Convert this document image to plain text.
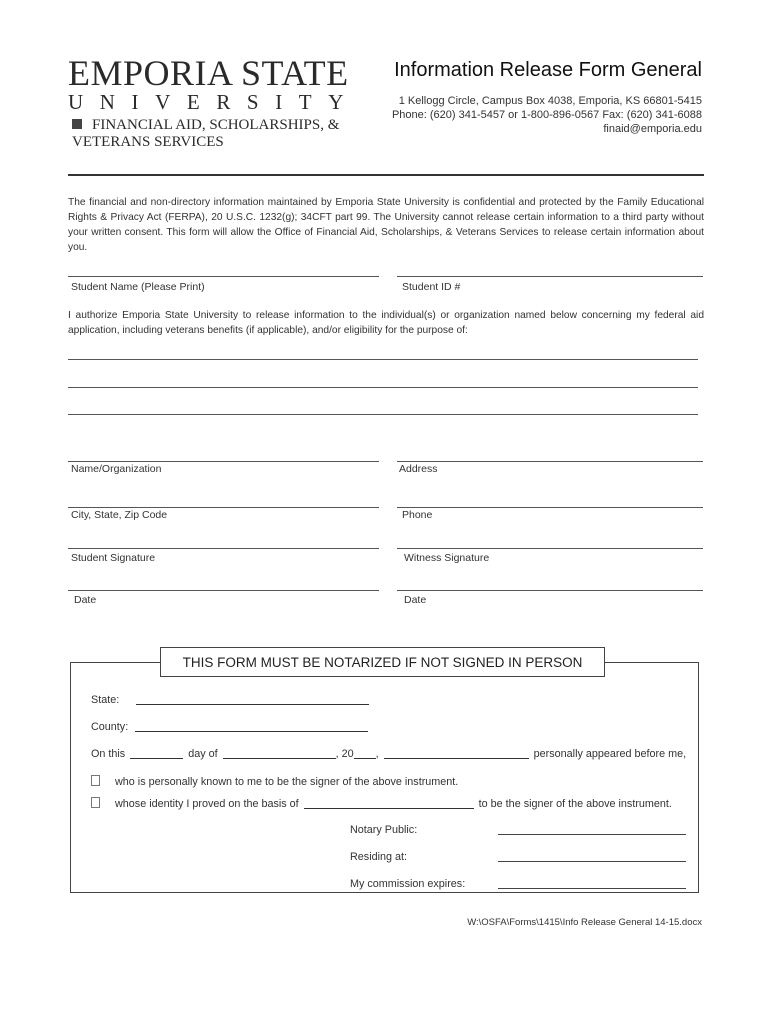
EMPORIA STATE
UNIVERSITY
FINANCIAL AID, SCHOLARSHIPS, &
VETERANS SERVICES
Information Release Form General
1 Kellogg Circle, Campus Box 4038, Emporia, KS 66801-5415
Phone: (620) 341-5457 or 1-800-896-0567 Fax: (620) 341-6088
finaid@emporia.edu
The financial and non-directory information maintained by Emporia State University is confidential and protected by the Family Educational Rights & Privacy Act (FERPA), 20 U.S.C. 1232(g); 34CFT part 99. The University cannot release certain information to a third party without your written consent. This form will allow the Office of Financial Aid, Scholarships, & Veterans Services to release certain information about you.
Student Name (Please Print)	Student ID #
I authorize Emporia State University to release information to the individual(s) or organization named below concerning my federal aid application, including veterans benefits (if applicable), and/or eligibility for the purpose of:
Name/Organization	Address
City, State, Zip Code	Phone
Student Signature	Witness Signature
Date	Date
THIS FORM MUST BE NOTARIZED IF NOT SIGNED IN PERSON
State:
County:
On this	day of	, 20 ,	personally appeared before me,
who is personally known to me to be the signer of the above instrument.
whose identity I proved on the basis of	to be the signer of the above instrument.
Notary Public:
Residing at:
My commission expires:
W:\OSFA\Forms\1415\Info Release General 14-15.docx
